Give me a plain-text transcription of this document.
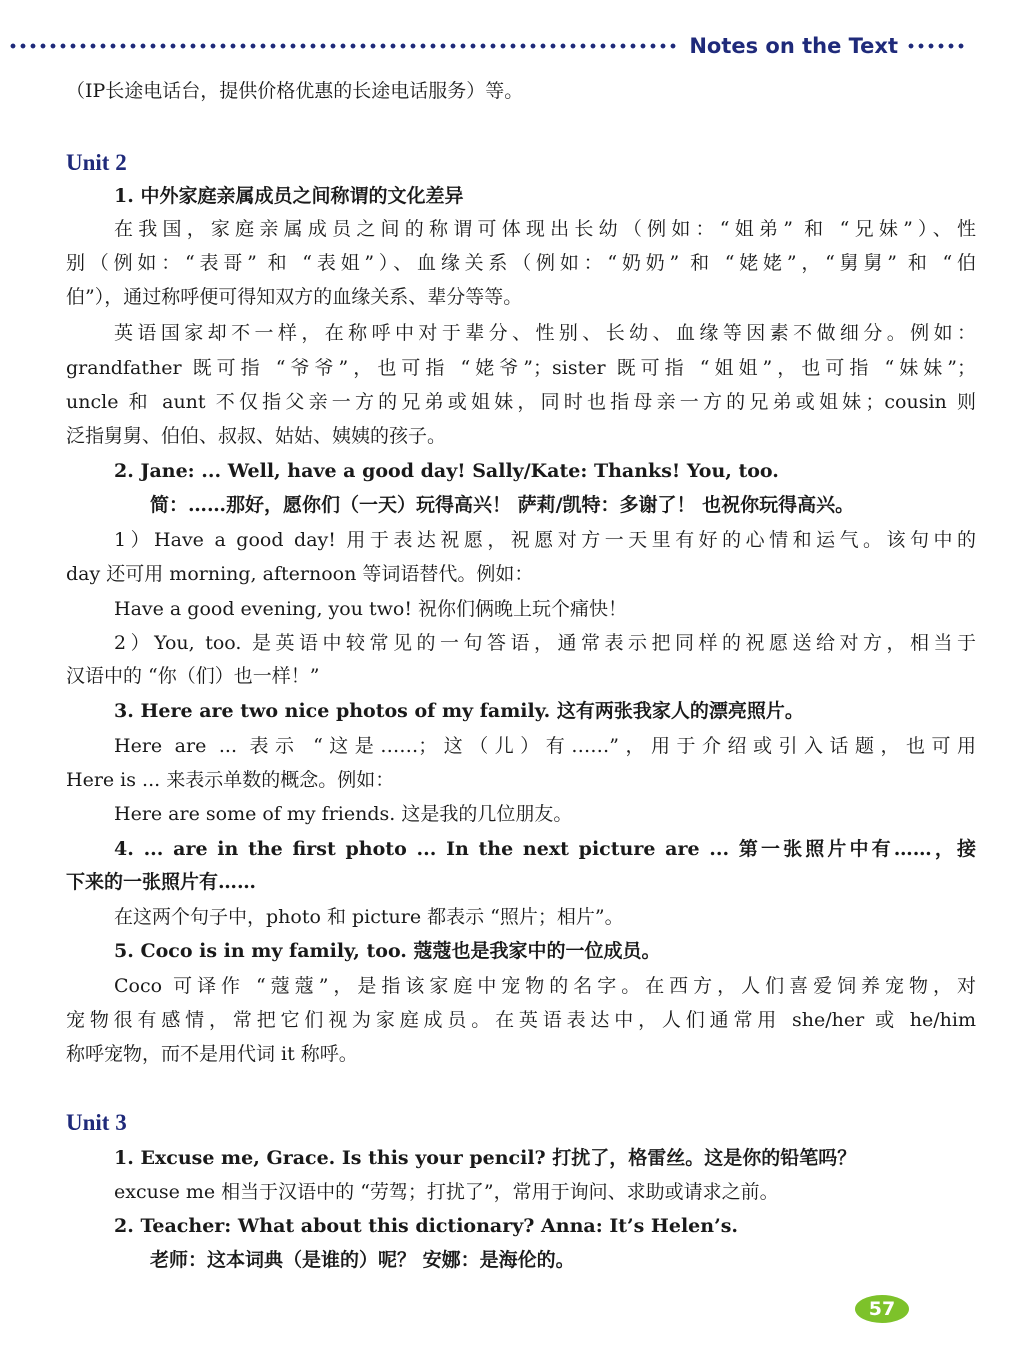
Notes on the Text
（IP长途电话台，提供价格优惠的长途电话服务）等。
Unit 2
1. 中外家庭亲属成员之间称谓的文化差异
在我国，家庭亲属成员之间的称谓可体现出长幼（例如：“姐弟” 和 “兄妹”）、性
别（例如：“表哥” 和 “表姐”）、血缘关系（例如：“奶奶” 和 “姥姥”，“舅舅” 和 “伯
伯”），通过称呼便可得知双方的血缘关系、辈分等等。
英语国家却不一样，在称呼中对于辈分、性别、长幼、血缘等因素不做细分。例如：
grandfather 既可指 “爷爷”，也可指 “姥爷”；sister 既可指 “姐姐”，也可指 “妹妹”；
uncle 和 aunt 不仅指父亲一方的兄弟或姐妹，同时也指母亲一方的兄弟或姐妹；cousin 则
泛指舅舅、伯伯、叔叔、姑姑、姨姨的孩子。
2. Jane: ... Well, have a good day! Sally/Kate: Thanks! You, too.
简：……那好，愿你们（一天）玩得高兴！ 萨莉/凯特：多谢了！ 也祝你玩得高兴。
1）Have a good day! 用于表达祝愿，祝愿对方一天里有好的心情和运气。该句中的
day 还可用 morning, afternoon 等词语替代。例如：
Have a good evening, you two! 祝你们俩晚上玩个痛快！
2）You, too. 是英语中较常见的一句答语，通常表示把同样的祝愿送给对方，相当于
汉语中的 “你（们）也一样！”
3. Here are two nice photos of my family. 这有两张我家人的漂亮照片。
Here are ... 表示 “这是……；这（儿）有……”，用于介绍或引入话题，也可用
Here is ... 来表示单数的概念。例如：
Here are some of my friends. 这是我的几位朋友。
4. ... are in the first photo ... In the next picture are ... 第一张照片中有……，接
下来的一张照片有……
在这两个句子中，photo 和 picture 都表示 “照片；相片”。
5. Coco is in my family, too. 蔻蔻也是我家中的一位成员。
Coco 可译作 “蔻蔻”，是指该家庭中宠物的名字。在西方，人们喜爱饲养宠物，对
宠物很有感情，常把它们视为家庭成员。在英语表达中，人们通常用 she/her 或 he/him
称呼宠物，而不是用代词 it 称呼。
Unit 3
1. Excuse me, Grace. Is this your pencil? 打扰了，格雷丝。这是你的铅笔吗？
excuse me 相当于汉语中的 “劳驾；打扰了”，常用于询问、求助或请求之前。
2. Teacher: What about this dictionary? Anna: It’s Helen’s.
老师：这本词典（是谁的）呢？ 安娜：是海伦的。
57
